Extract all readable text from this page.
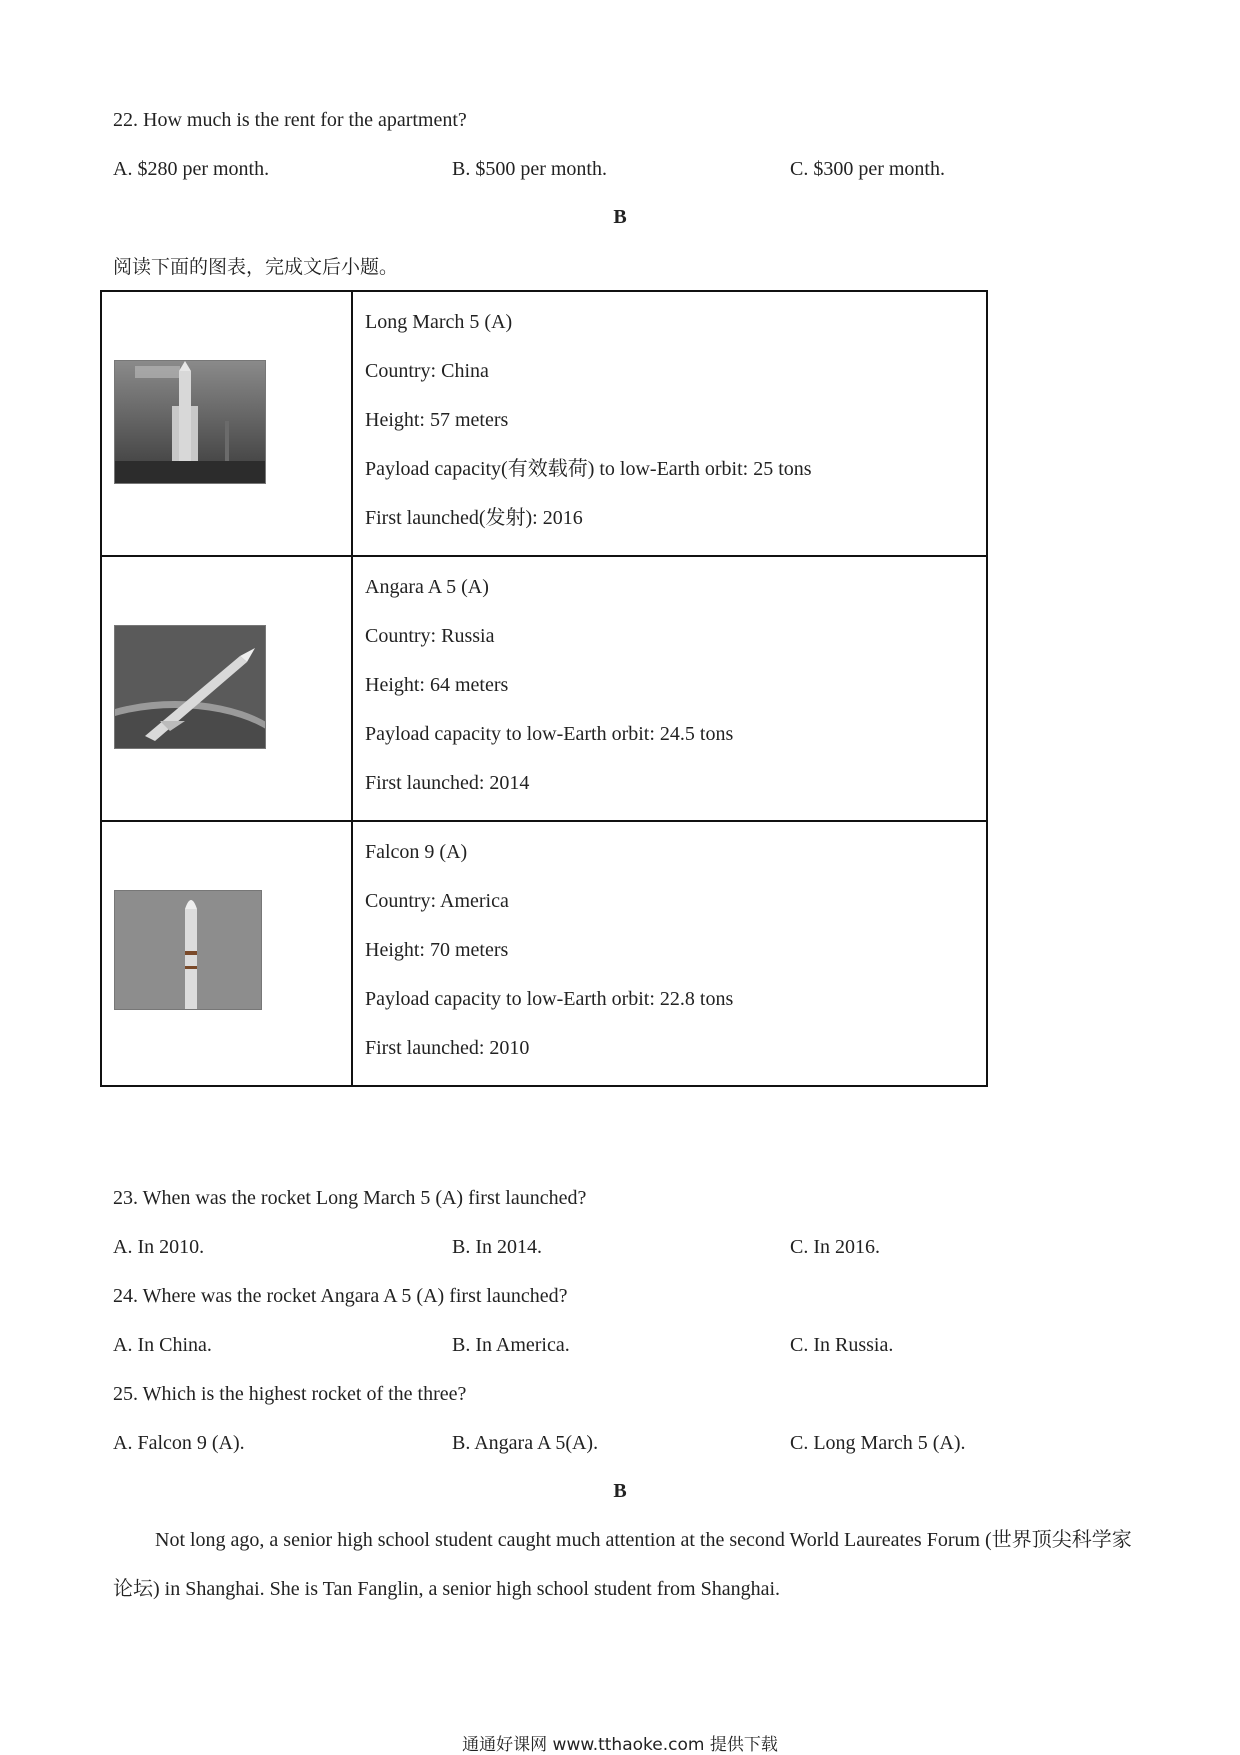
22. How much is the rent for the apartment?
A. $280 per month.	B. $500 per month.	C. $300 per month.
B
阅读下面的图表，完成文后小题。

Long March 5 (A)
Country: China
Height: 57 meters
Payload capacity(有效载荷) to low-Earth orbit: 25 tons
First launched(发射): 2016

Angara A 5 (A)
Country: Russia
Height: 64 meters
Payload capacity to low-Earth orbit: 24.5 tons
First launched: 2014

Falcon 9 (A)
Country: America
Height: 70 meters
Payload capacity to low-Earth orbit: 22.8 tons
First launched: 2010
23. When was the rocket Long March 5 (A) first launched?
A. In 2010.	B. In 2014.	C. In 2016.
24. Where was the rocket Angara A 5 (A) first launched?
A. In China.	B. In America.	C. In Russia.
25. Which is the highest rocket of the three?
A. Falcon 9 (A).	B. Angara A 5(A).	C. Long March 5 (A).
B
Not long ago, a senior high school student caught much attention at the second World Laureates Forum (世界顶尖科学家论坛) in Shanghai. She is Tan Fanglin, a senior high school student from Shanghai.
通通好课网 www.tthaoke.com 提供下载
